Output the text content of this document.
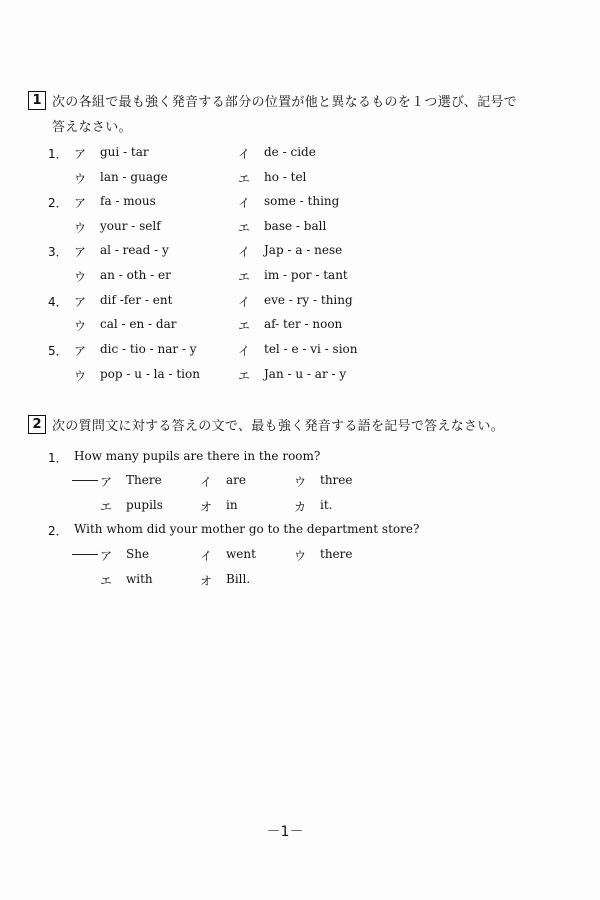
1 次の各組で最も強く発音する部分の位置が他と異なるものを１つ選び、記号で
答えなさい。
1． ア gui - tar	イ de - cide
ウ lan - guage	エ ho - tel
2． ア fa - mous	イ some - thing
ウ your - self	エ base - ball
3． ア al - read - y	イ Jap - a - nese
ウ an - oth - er	エ im - por - tant
4． ア dif -fer - ent	イ eve - ry - thing
ウ cal - en - dar	エ af- ter - noon
5． ア dic - tio - nar - y	イ tel - e - vi - sion
ウ pop - u - la - tion	エ Jan - u - ar - y
2 次の質問文に対する答えの文で、最も強く発音する語を記号で答えなさい。
1． How many pupils are there in the room?
ア There	イ are	ウ three
エ pupils	オ in	カ it.
2． With whom did your mother go to the department store?
ア She	イ went	ウ there
エ with	オ Bill.
－1－
